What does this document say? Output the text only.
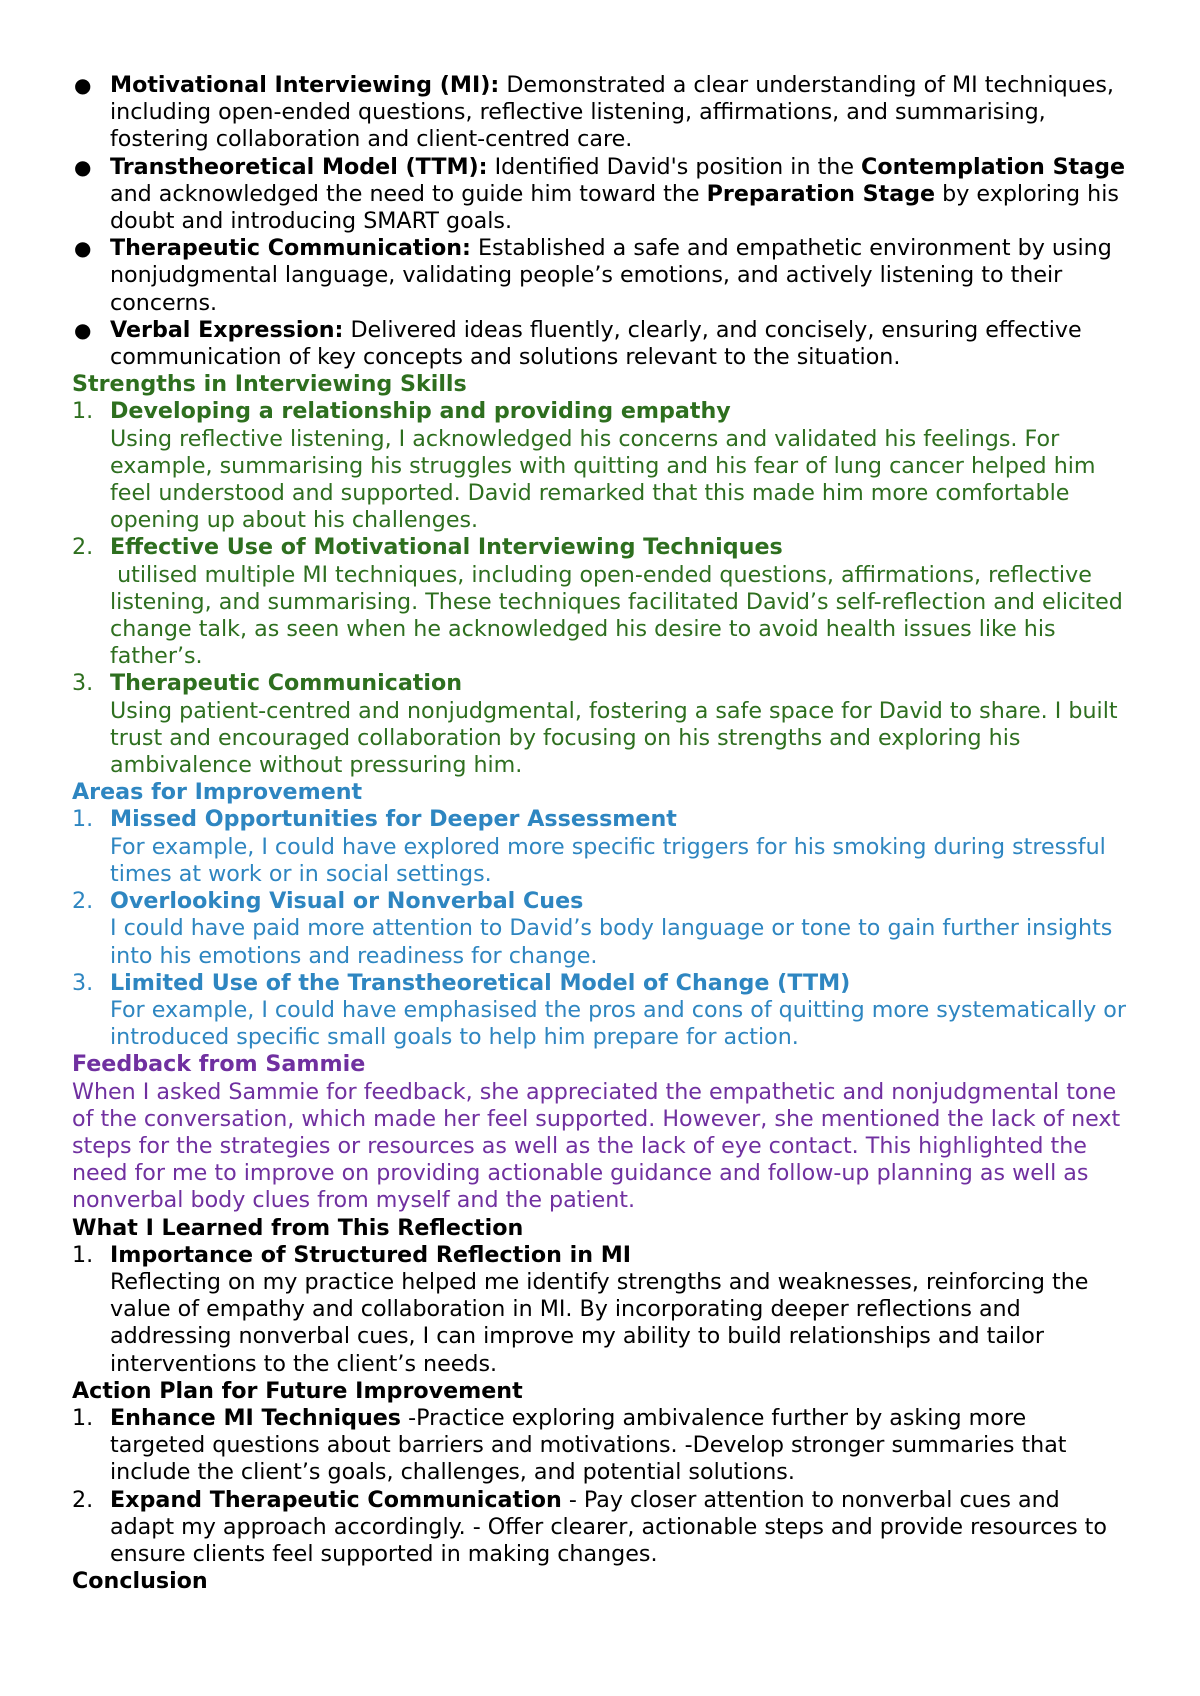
● Motivational Interviewing (MI): Demonstrated a clear understanding of MI techniques, including open-ended questions, reflective listening, affirmations, and summarising, fostering collaboration and client-centred care.
● Transtheoretical Model (TTM): Identified David's position in the Contemplation Stage and acknowledged the need to guide him toward the Preparation Stage by exploring his doubt and introducing SMART goals.
● Therapeutic Communication: Established a safe and empathetic environment by using nonjudgmental language, validating people’s emotions, and actively listening to their concerns.
● Verbal Expression: Delivered ideas fluently, clearly, and concisely, ensuring effective communication of key concepts and solutions relevant to the situation.
Strengths in Interviewing Skills
1. Developing a relationship and providing empathy
Using reflective listening, I acknowledged his concerns and validated his feelings. For example, summarising his struggles with quitting and his fear of lung cancer helped him feel understood and supported. David remarked that this made him more comfortable opening up about his challenges.
2. Effective Use of Motivational Interviewing Techniques
utilised multiple MI techniques, including open-ended questions, affirmations, reflective listening, and summarising. These techniques facilitated David’s self-reflection and elicited change talk, as seen when he acknowledged his desire to avoid health issues like his father’s.
3. Therapeutic Communication
Using patient-centred and nonjudgmental, fostering a safe space for David to share. I built trust and encouraged collaboration by focusing on his strengths and exploring his ambivalence without pressuring him.
Areas for Improvement
1. Missed Opportunities for Deeper Assessment
For example, I could have explored more specific triggers for his smoking during stressful times at work or in social settings.
2. Overlooking Visual or Nonverbal Cues
I could have paid more attention to David’s body language or tone to gain further insights into his emotions and readiness for change.
3. Limited Use of the Transtheoretical Model of Change (TTM)
For example, I could have emphasised the pros and cons of quitting more systematically or introduced specific small goals to help him prepare for action.
Feedback from Sammie
When I asked Sammie for feedback, she appreciated the empathetic and nonjudgmental tone of the conversation, which made her feel supported. However, she mentioned the lack of next steps for the strategies or resources as well as the lack of eye contact. This highlighted the need for me to improve on providing actionable guidance and follow-up planning as well as nonverbal body clues from myself and the patient.
What I Learned from This Reflection
1. Importance of Structured Reflection in MI
Reflecting on my practice helped me identify strengths and weaknesses, reinforcing the value of empathy and collaboration in MI. By incorporating deeper reflections and addressing nonverbal cues, I can improve my ability to build relationships and tailor interventions to the client’s needs.
Action Plan for Future Improvement
1. Enhance MI Techniques -Practice exploring ambivalence further by asking more targeted questions about barriers and motivations. -Develop stronger summaries that include the client’s goals, challenges, and potential solutions.
2. Expand Therapeutic Communication - Pay closer attention to nonverbal cues and adapt my approach accordingly. - Offer clearer, actionable steps and provide resources to ensure clients feel supported in making changes.
Conclusion
